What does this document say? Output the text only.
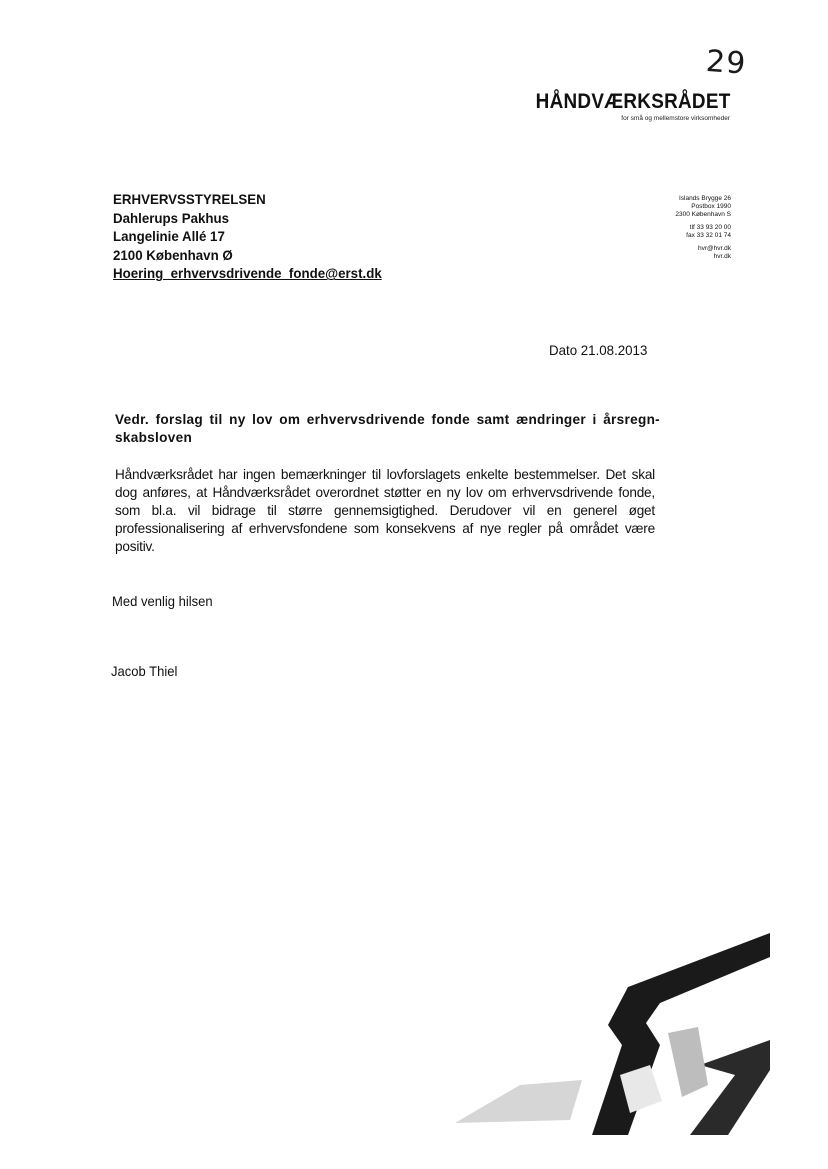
29
HÅNDVÆRKSRÅDET
for små og mellemstore virksomheder
ERHVERVSSTYRELSEN
Dahlerups Pakhus
Langelinie Allé 17
2100 København Ø
Hoering_erhvervsdrivende_fonde@erst.dk
Islands Brygge 26
Postbox 1990
2300 København S
tlf 33 93 20 00
fax 33 32 01 74
hvr@hvr.dk
hvr.dk
Dato 21.08.2013
Vedr. forslag til ny lov om erhvervsdrivende fonde samt ændringer i årsregn-skabsloven
Håndværksrådet har ingen bemærkninger til lovforslagets enkelte bestemmelser. Det skal dog anføres, at Håndværksrådet overordnet støtter en ny lov om erhvervsdrivende fonde, som bl.a. vil bidrage til større gennemsigtighed. Derudover vil en generel øget professionalisering af erhvervsfondene som konsekvens af nye regler på området være positiv.
Med venlig hilsen
Jacob Thiel
